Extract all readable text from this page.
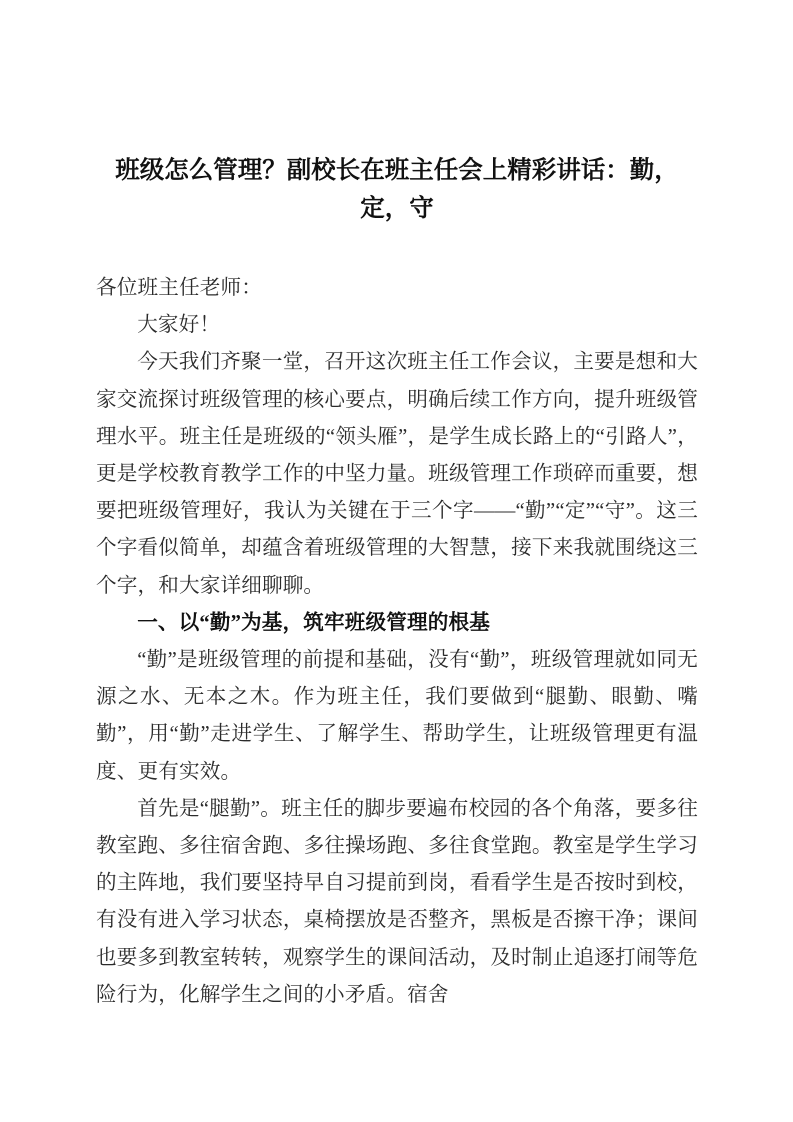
班级怎么管理？副校长在班主任会上精彩讲话：勤，定，守

各位班主任老师：

大家好！

今天我们齐聚一堂，召开这次班主任工作会议，主要是想和大家交流探讨班级管理的核心要点，明确后续工作方向，提升班级管理水平。班主任是班级的“领头雁”，是学生成长路上的“引路人”，更是学校教育教学工作的中坚力量。班级管理工作琐碎而重要，想要把班级管理好，我认为关键在于三个字——“勤”“定”“守”。这三个字看似简单，却蕴含着班级管理的大智慧，接下来我就围绕这三个字，和大家详细聊聊。

一、以“勤”为基，筑牢班级管理的根基

“勤”是班级管理的前提和基础，没有“勤”，班级管理就如同无源之水、无本之木。作为班主任，我们要做到“腿勤、眼勤、嘴勤”，用“勤”走进学生、了解学生、帮助学生，让班级管理更有温度、更有实效。

首先是“腿勤”。班主任的脚步要遍布校园的各个角落，要多往教室跑、多往宿舍跑、多往操场跑、多往食堂跑。教室是学生学习的主阵地，我们要坚持早自习提前到岗，看看学生是否按时到校，有没有进入学习状态，桌椅摆放是否整齐，黑板是否擦干净；课间也要多到教室转转，观察学生的课间活动，及时制止追逐打闹等危险行为，化解学生之间的小矛盾。宿舍
